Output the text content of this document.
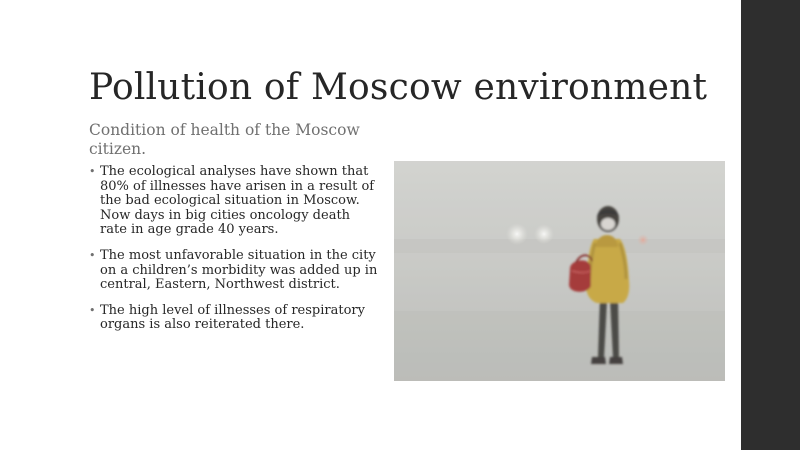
Pollution of Moscow environment

Condition of health of the Moscow citizen.

• The ecological analyses have shown that 80% of illnesses have arisen in a result of the bad ecological situation in Moscow. Now days in big cities oncology death rate in age grade 40 years.
• The most unfavorable situation in the city on a children’s morbidity was added up in central, Eastern, Northwest district.
• The high level of illnesses of respiratory organs is also reiterated there.
